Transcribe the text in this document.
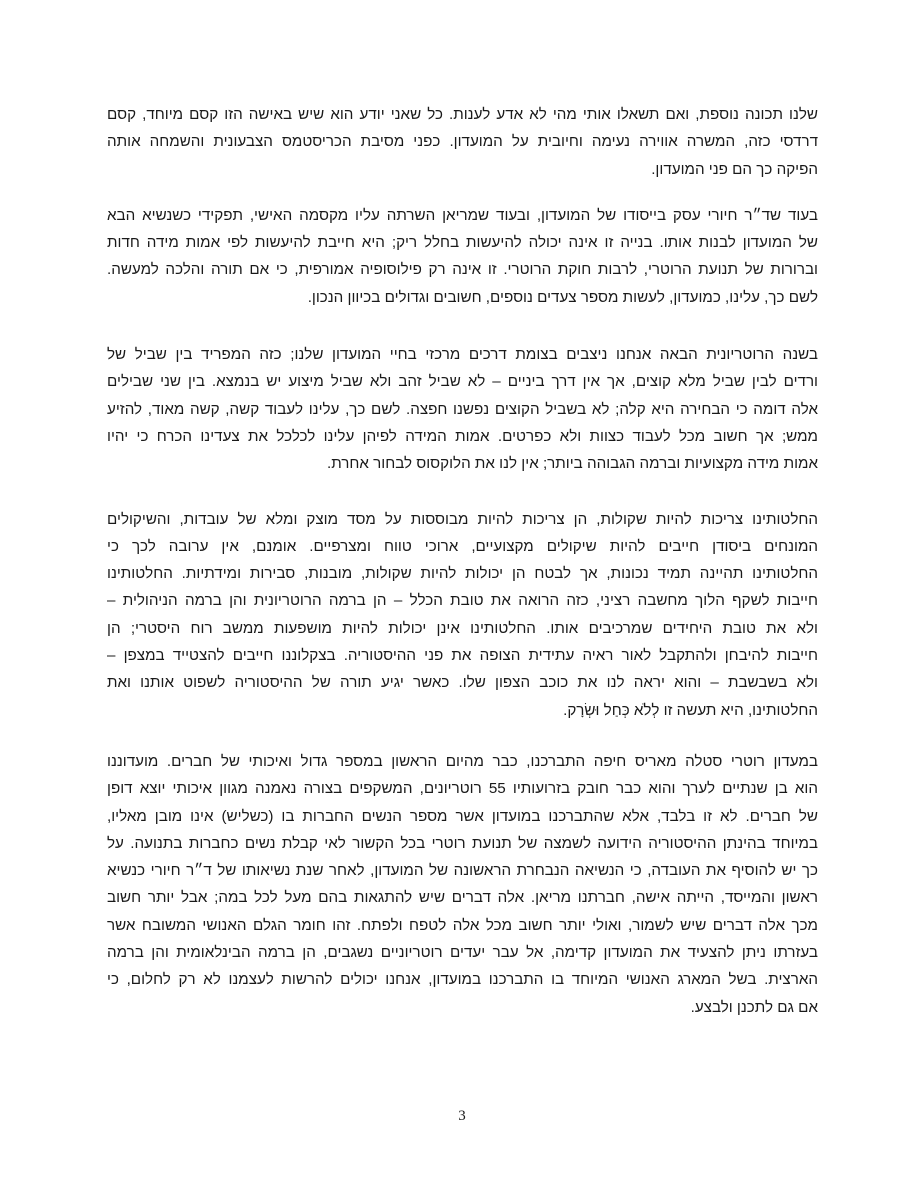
שלנו תכונה נוספת, ואם תשאלו אותי מהי לא אדע לענות. כל שאני יודע הוא שיש באישה הזו קסם מיוחד, קסם
דרדסי כזה, המשרה אווירה נעימה וחיובית על המועדון. כפני מסיבת הכריסטמס הצבעונית והשמחה אותה
הפיקה כך הם פני המועדון.

בעוד שד״ר חיורי עסק בייסודו של המועדון, ובעוד שמריאן השרתה עליו מקסמה האישי, תפקידי כשנשיא הבא
של המועדון לבנות אותו. בנייה זו אינה יכולה להיעשות בחלל ריק; היא חייבת להיעשות לפי אמות מידה חדות
וברורות של תנועת הרוטרי, לרבות חוקת הרוטרי. זו אינה רק פילוסופיה אמורפית, כי אם תורה והלכה למעשה.
לשם כך, עלינו, כמועדון, לעשות מספר צעדים נוספים, חשובים וגדולים בכיוון הנכון.

בשנה הרוטריונית הבאה אנחנו ניצבים בצומת דרכים מרכזי בחיי המועדון שלנו; כזה המפריד בין שביל של
ורדים לבין שביל מלא קוצים, אך אין דרך ביניים – לא שביל זהב ולא שביל מיצוע יש בנמצא. בין שני שבילים
אלה דומה כי הבחירה היא קלה; לא בשביל הקוצים נפשנו חפצה. לשם כך, עלינו לעבוד קשה, קשה מאוד, להזיע
ממש; אך חשוב מכל לעבוד כצוות ולא כפרטים. אמות המידה לפיהן עלינו לכלכל את צעדינו הכרח כי יהיו
אמות מידה מקצועיות וברמה הגבוהה ביותר; אין לנו את הלוקסוס לבחור אחרת.

החלטותינו צריכות להיות שקולות, הן צריכות להיות מבוססות על מסד מוצק ומלא של עובדות, והשיקולים
המונחים ביסודן חייבים להיות שיקולים מקצועיים, ארוכי טווח ומצרפיים. אומנם, אין ערובה לכך כי
החלטותינו תהיינה תמיד נכונות, אך לבטח הן יכולות להיות שקולות, מובנות, סבירות ומידתיות. החלטותינו
חייבות לשקף הלוך מחשבה רציני, כזה הרואה את טובת הכלל – הן ברמה הרוטריונית והן ברמה הניהולית –
ולא את טובת היחידים שמרכיבים אותו. החלטותינו אינן יכולות להיות מושפעות ממשב רוח היסטרי; הן
חייבות להיבחן ולהתקבל לאור ראיה עתידית הצופה את פני ההיסטוריה. בצקלוננו חייבים להצטייד במצפן –
ולא בשבשבת – והוא יראה לנו את כוכב הצפון שלו. כאשר יגיע תורה של ההיסטוריה לשפוט אותנו ואת
החלטותינו, היא תעשה זו לְלֹא כְּחַל וּשְׂרָק.

במעדון רוטרי סטלה מאריס חיפה התברכנו, כבר מהיום הראשון במספר גדול ואיכותי של חברים. מועדוננו
הוא בן שנתיים לערך והוא כבר חובק בזרועותיו 55 רוטריונים, המשקפים בצורה נאמנה מגוון איכותי יוצא דופן
של חברים. לא זו בלבד, אלא שהתברכנו במועדון אשר מספר הנשים החברות בו (כשליש) אינו מובן מאליו,
במיוחד בהינתן ההיסטוריה הידועה לשמצה של תנועת רוטרי בכל הקשור לאי קבלת נשים כחברות בתנועה. על
כך יש להוסיף את העובדה, כי הנשיאה הנבחרת הראשונה של המועדון, לאחר שנת נשיאותו של ד״ר חיורי כנשיא
ראשון והמייסד, הייתה אישה, חברתנו מריאן. אלה דברים שיש להתגאות בהם מעל לכל במה; אבל יותר חשוב
מכך אלה דברים שיש לשמור, ואולי יותר חשוב מכל אלה לטפח ולפתח. זהו חומר הגלם האנושי המשובח אשר
בעזרתו ניתן להצעיד את המועדון קדימה, אל עבר יעדים רוטריוניים נשגבים, הן ברמה הבינלאומית והן ברמה
הארצית. בשל המארג האנושי המיוחד בו התברכנו במועדון, אנחנו יכולים להרשות לעצמנו לא רק לחלום, כי
אם גם לתכנן ולבצע.

3
